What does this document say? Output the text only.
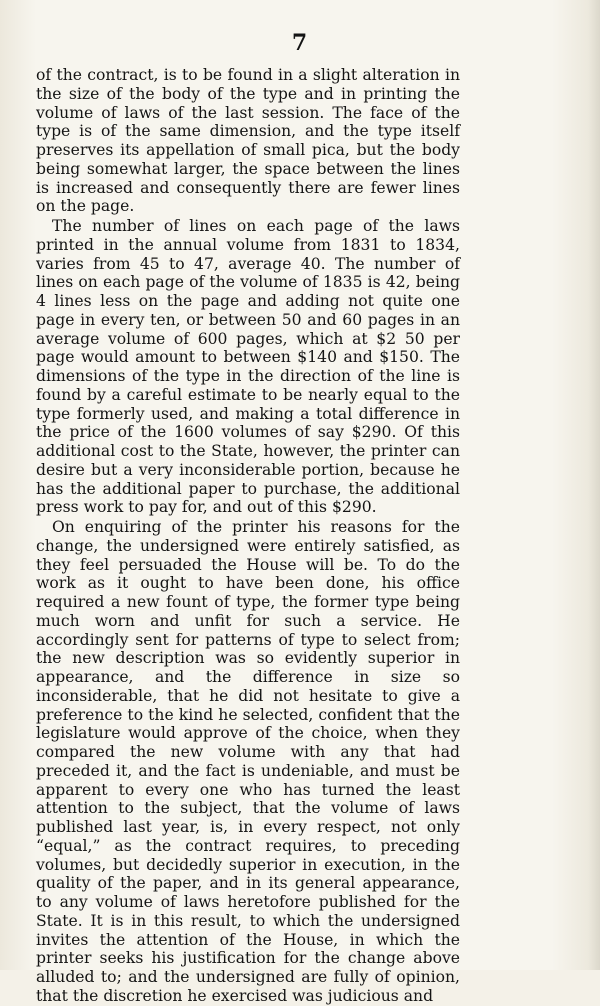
7

of the contract, is to be found in a slight alteration in the size of the body of the type and in printing the volume of laws of the last session. The face of the type is of the same dimension, and the type itself preserves its appellation of small pica, but the body being somewhat larger, the space between the lines is increased and consequently there are fewer lines on the page.

The number of lines on each page of the laws printed in the annual volume from 1831 to 1834, varies from 45 to 47, average 40. The number of lines on each page of the volume of 1835 is 42, being 4 lines less on the page and adding not quite one page in every ten, or between 50 and 60 pages in an average volume of 600 pages, which at $2 50 per page would amount to between $140 and $150. The dimensions of the type in the direction of the line is found by a careful estimate to be nearly equal to the type formerly used, and making a total difference in the price of the 1600 volumes of say $290. Of this additional cost to the State, however, the printer can desire but a very inconsiderable portion, because he has the additional paper to purchase, the additional press work to pay for, and out of this $290.

On enquiring of the printer his reasons for the change, the undersigned were entirely satisfied, as they feel persuaded the House will be. To do the work as it ought to have been done, his office required a new fount of type, the former type being much worn and unfit for such a service. He accordingly sent for patterns of type to select from; the new description was so evidently superior in appearance, and the difference in size so inconsiderable, that he did not hesitate to give a preference to the kind he selected, confident that the legislature would approve of the choice, when they compared the new volume with any that had preceded it, and the fact is undeniable, and must be apparent to every one who has turned the least attention to the subject, that the volume of laws published last year, is, in every respect, not only “equal,” as the contract requires, to preceding volumes, but decidedly superior in execution, in the quality of the paper, and in its general appearance, to any volume of laws heretofore published for the State. It is in this result, to which the undersigned invites the attention of the House, in which the printer seeks his justification for the change above alluded to; and the undersigned are fully of opinion, that the discretion he exercised was judicious and
